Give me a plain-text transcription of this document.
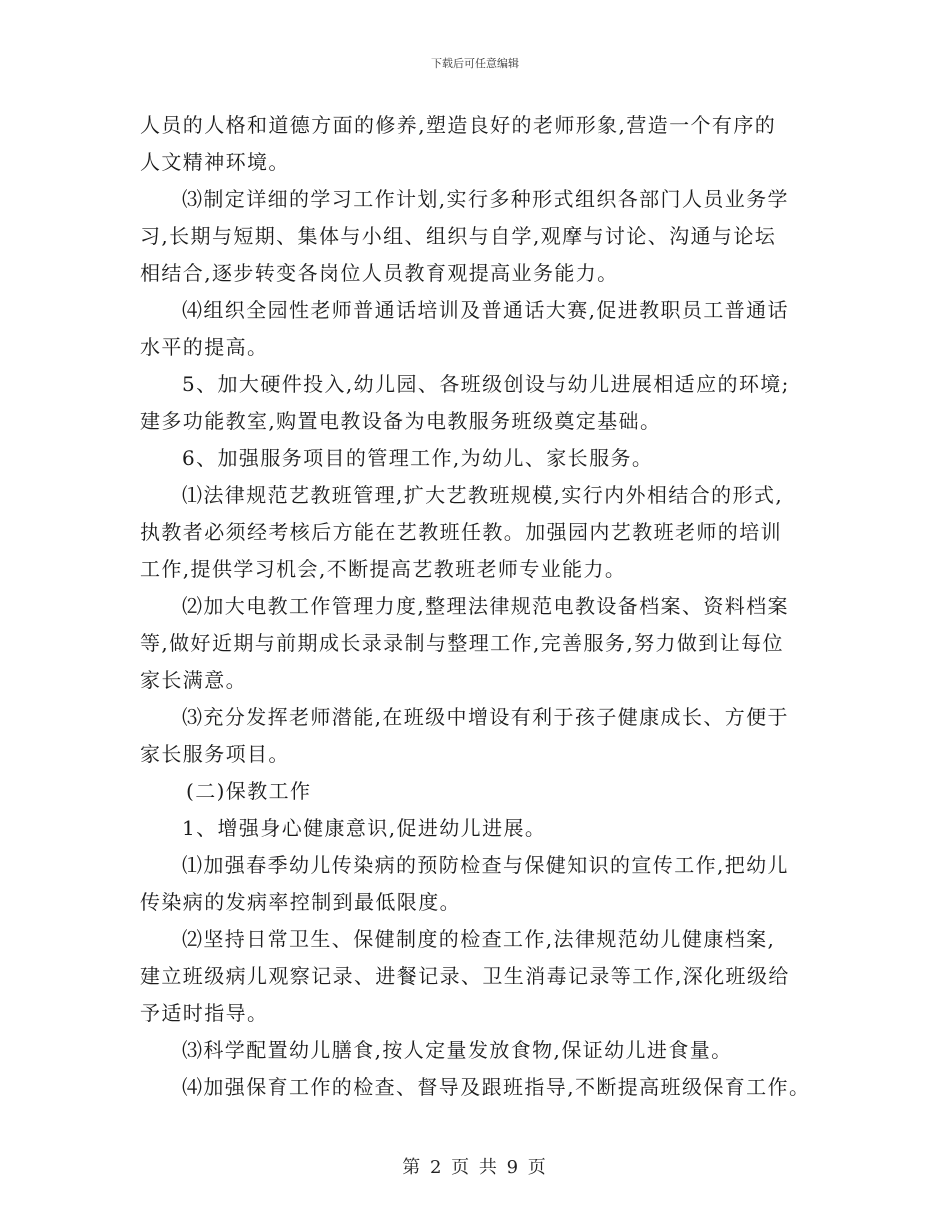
下载后可任意编辑
人员的人格和道德方面的修养,塑造良好的老师形象,营造一个有序的
人文精神环境。
⑶制定详细的学习工作计划,实行多种形式组织各部门人员业务学
习,长期与短期、集体与小组、组织与自学,观摩与讨论、沟通与论坛
相结合,逐步转变各岗位人员教育观提高业务能力。
⑷组织全园性老师普通话培训及普通话大赛,促进教职员工普通话
水平的提高。
5、加大硬件投入,幼儿园、各班级创设与幼儿进展相适应的环境;
建多功能教室,购置电教设备为电教服务班级奠定基础。
6、加强服务项目的管理工作,为幼儿、家长服务。
⑴法律规范艺教班管理,扩大艺教班规模,实行内外相结合的形式,
执教者必须经考核后方能在艺教班任教。加强园内艺教班老师的培训
工作,提供学习机会,不断提高艺教班老师专业能力。
⑵加大电教工作管理力度,整理法律规范电教设备档案、资料档案
等,做好近期与前期成长录录制与整理工作,完善服务,努力做到让每位
家长满意。
⑶充分发挥老师潜能,在班级中增设有利于孩子健康成长、方便于
家长服务项目。
(二)保教工作
1、增强身心健康意识,促进幼儿进展。
⑴加强春季幼儿传染病的预防检查与保健知识的宣传工作,把幼儿
传染病的发病率控制到最低限度。
⑵坚持日常卫生、保健制度的检查工作,法律规范幼儿健康档案,
建立班级病儿观察记录、进餐记录、卫生消毒记录等工作,深化班级给
予适时指导。
⑶科学配置幼儿膳食,按人定量发放食物,保证幼儿进食量。
⑷加强保育工作的检查、督导及跟班指导,不断提高班级保育工作。
第 2 页 共 9 页
